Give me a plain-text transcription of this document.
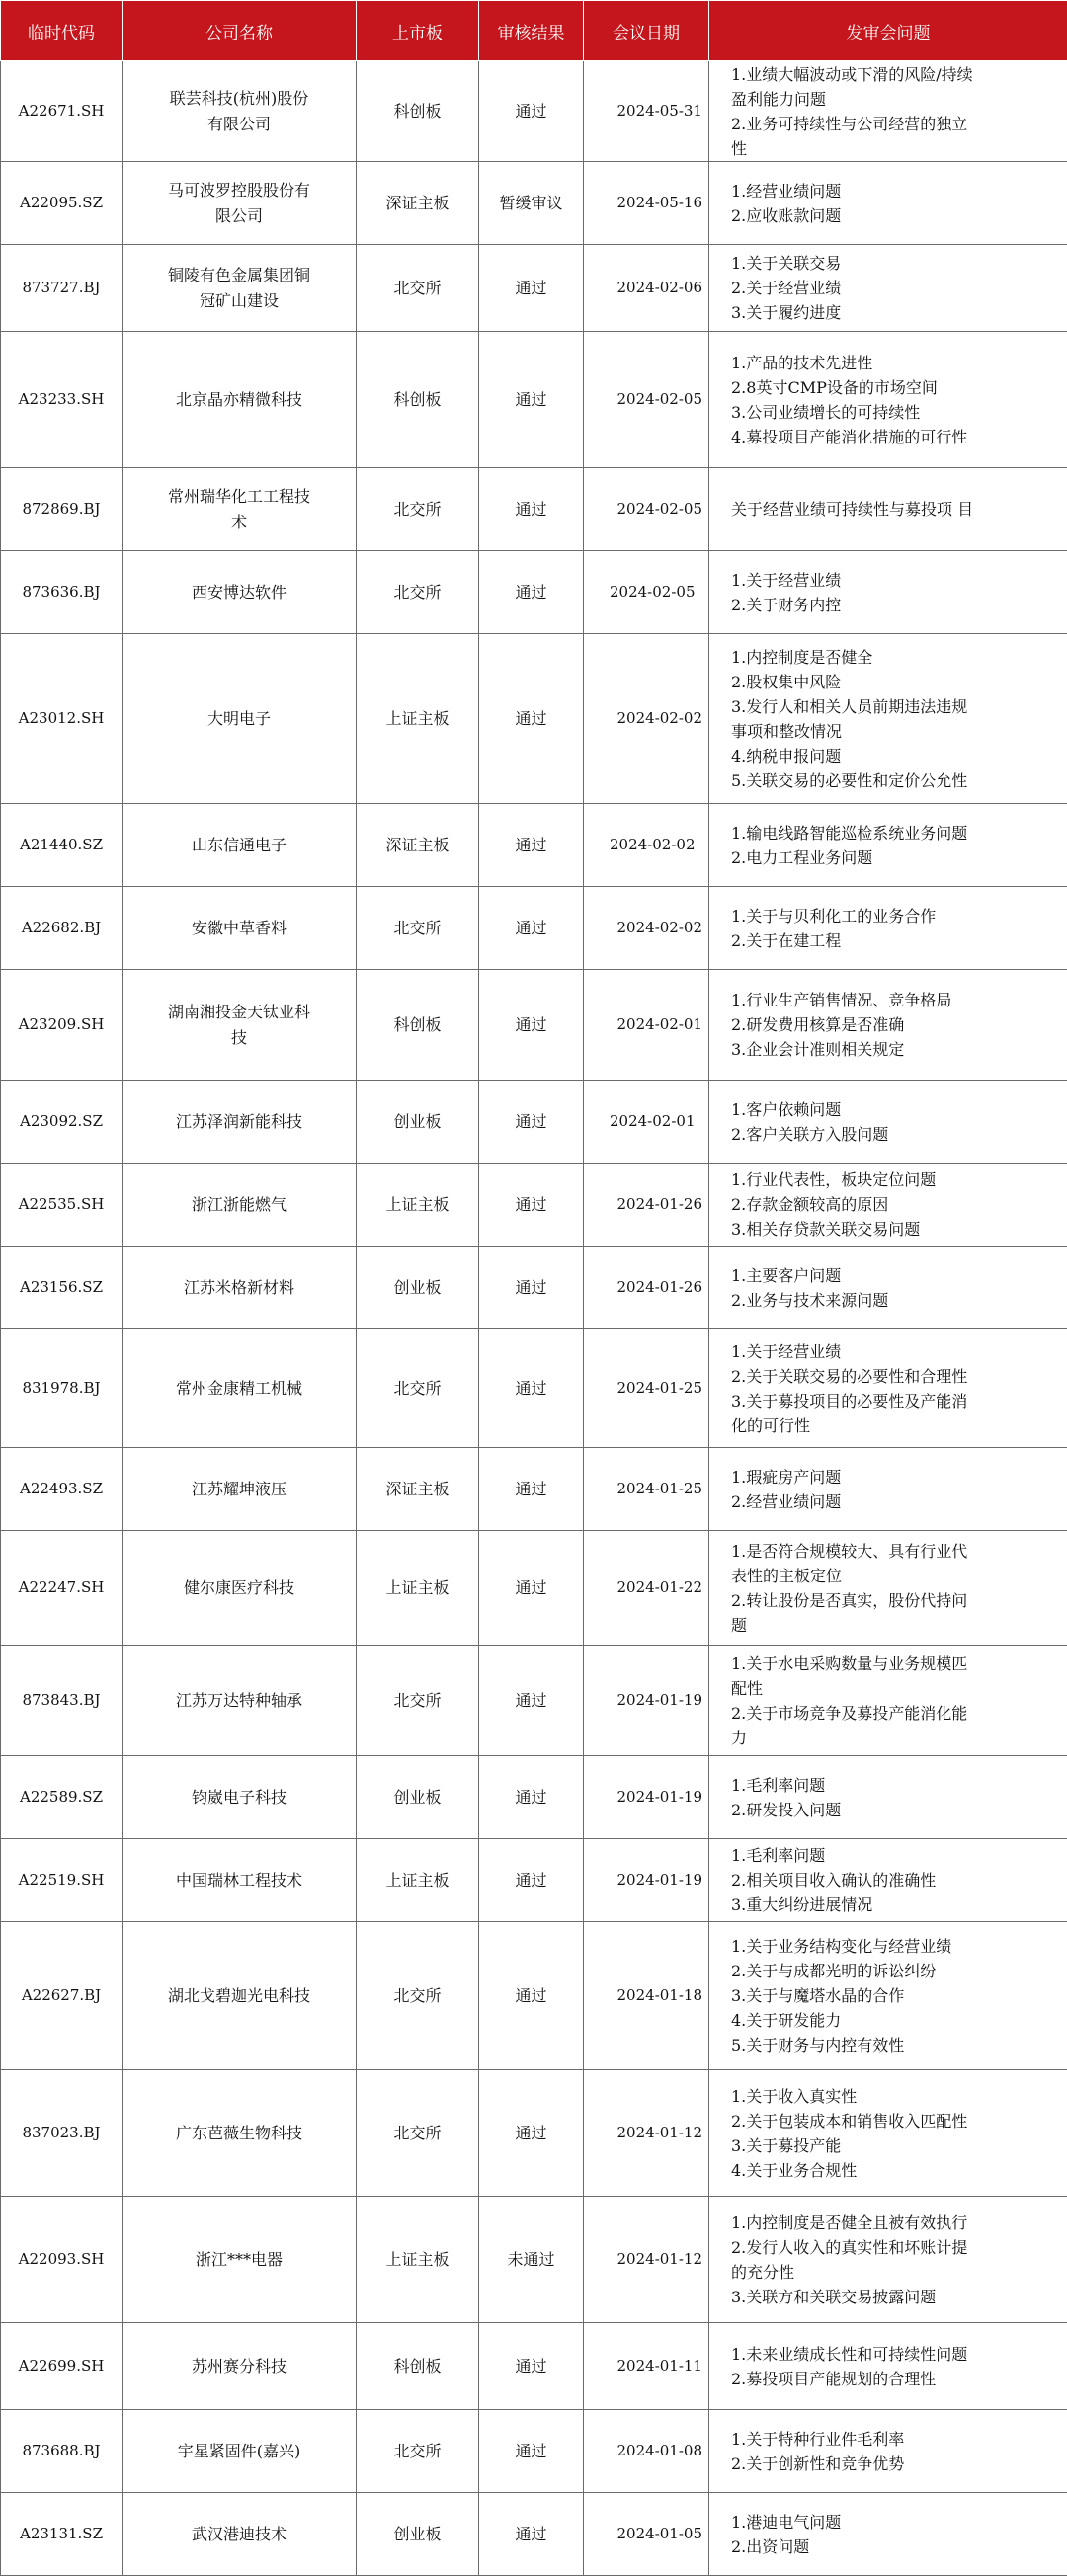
临时代码	公司名称	上市板	审核结果	会议日期	发审会问题
A22671.SH	联芸科技(杭州)股份有限公司	科创板	通过	2024-05-31	1.业绩大幅波动或下滑的风险/持续盈利能力问题
2.业务可持续性与公司经营的独立性

A22095.SZ	马可波罗控股股份有限公司	深证主板	暂缓审议	2024-05-16	1.经营业绩问题
2.应收账款问题

873727.BJ	铜陵有色金属集团铜冠矿山建设	北交所	通过	2024-02-06	1.关于关联交易
2.关于经营业绩
3.关于履约进度

A23233.SH	北京晶亦精微科技	科创板	通过	2024-02-05	1.产品的技术先进性
2.8英寸CMP设备的市场空间
3.公司业绩增长的可持续性
4.募投项目产能消化措施的可行性

872869.BJ	常州瑞华化工工程技术	北交所	通过	2024-02-05	关于经营业绩可持续性与募投项 目

873636.BJ	西安博达软件	北交所	通过	2024-02-05	1.关于经营业绩
2.关于财务内控

A23012.SH	大明电子	上证主板	通过	2024-02-02	1.内控制度是否健全
2.股权集中风险
3.发行人和相关人员前期违法违规事项和整改情况
4.纳税申报问题
5.关联交易的必要性和定价公允性

A21440.SZ	山东信通电子	深证主板	通过	2024-02-02	1.输电线路智能巡检系统业务问题
2.电力工程业务问题

A22682.BJ	安徽中草香料	北交所	通过	2024-02-02	1.关于与贝利化工的业务合作
2.关于在建工程

A23209.SH	湖南湘投金天钛业科技	科创板	通过	2024-02-01	1.行业生产销售情况、竞争格局
2.研发费用核算是否准确
3.企业会计准则相关规定

A23092.SZ	江苏泽润新能科技	创业板	通过	2024-02-01	1.客户依赖问题
2.客户关联方入股问题

A22535.SH	浙江浙能燃气	上证主板	通过	2024-01-26	1.行业代表性，板块定位问题
2.存款金额较高的原因
3.相关存贷款关联交易问题

A23156.SZ	江苏米格新材料	创业板	通过	2024-01-26	1.主要客户问题
2.业务与技术来源问题

831978.BJ	常州金康精工机械	北交所	通过	2024-01-25	1.关于经营业绩
2.关于关联交易的必要性和合理性
3.关于募投项目的必要性及产能消化的可行性

A22493.SZ	江苏耀坤液压	深证主板	通过	2024-01-25	1.瑕疵房产问题
2.经营业绩问题

A22247.SH	健尔康医疗科技	上证主板	通过	2024-01-22	1.是否符合规模较大、具有行业代表性的主板定位
2.转让股份是否真实，股份代持问题

873843.BJ	江苏万达特种轴承	北交所	通过	2024-01-19	1.关于水电采购数量与业务规模匹配性
2.关于市场竞争及募投产能消化能力

A22589.SZ	钧崴电子科技	创业板	通过	2024-01-19	1.毛利率问题
2.研发投入问题

A22519.SH	中国瑞林工程技术	上证主板	通过	2024-01-19	1.毛利率问题
2.相关项目收入确认的准确性
3.重大纠纷进展情况

A22627.BJ	湖北戈碧迦光电科技	北交所	通过	2024-01-18	1.关于业务结构变化与经营业绩
2.关于与成都光明的诉讼纠纷
3.关于与魔塔水晶的合作
4.关于研发能力
5.关于财务与内控有效性

837023.BJ	广东芭薇生物科技	北交所	通过	2024-01-12	1.关于收入真实性
2.关于包装成本和销售收入匹配性
3.关于募投产能
4.关于业务合规性

A22093.SH	浙江***电器	上证主板	未通过	2024-01-12	1.内控制度是否健全且被有效执行
2.发行人收入的真实性和坏账计提的充分性
3.关联方和关联交易披露问题

A22699.SH	苏州赛分科技	科创板	通过	2024-01-11	1.未来业绩成长性和可持续性问题
2.募投项目产能规划的合理性

873688.BJ	宇星紧固件(嘉兴)	北交所	通过	2024-01-08	1.关于特种行业件毛利率
2.关于创新性和竞争优势

A23131.SZ	武汉港迪技术	创业板	通过	2024-01-05	1.港迪电气问题
2.出资问题
